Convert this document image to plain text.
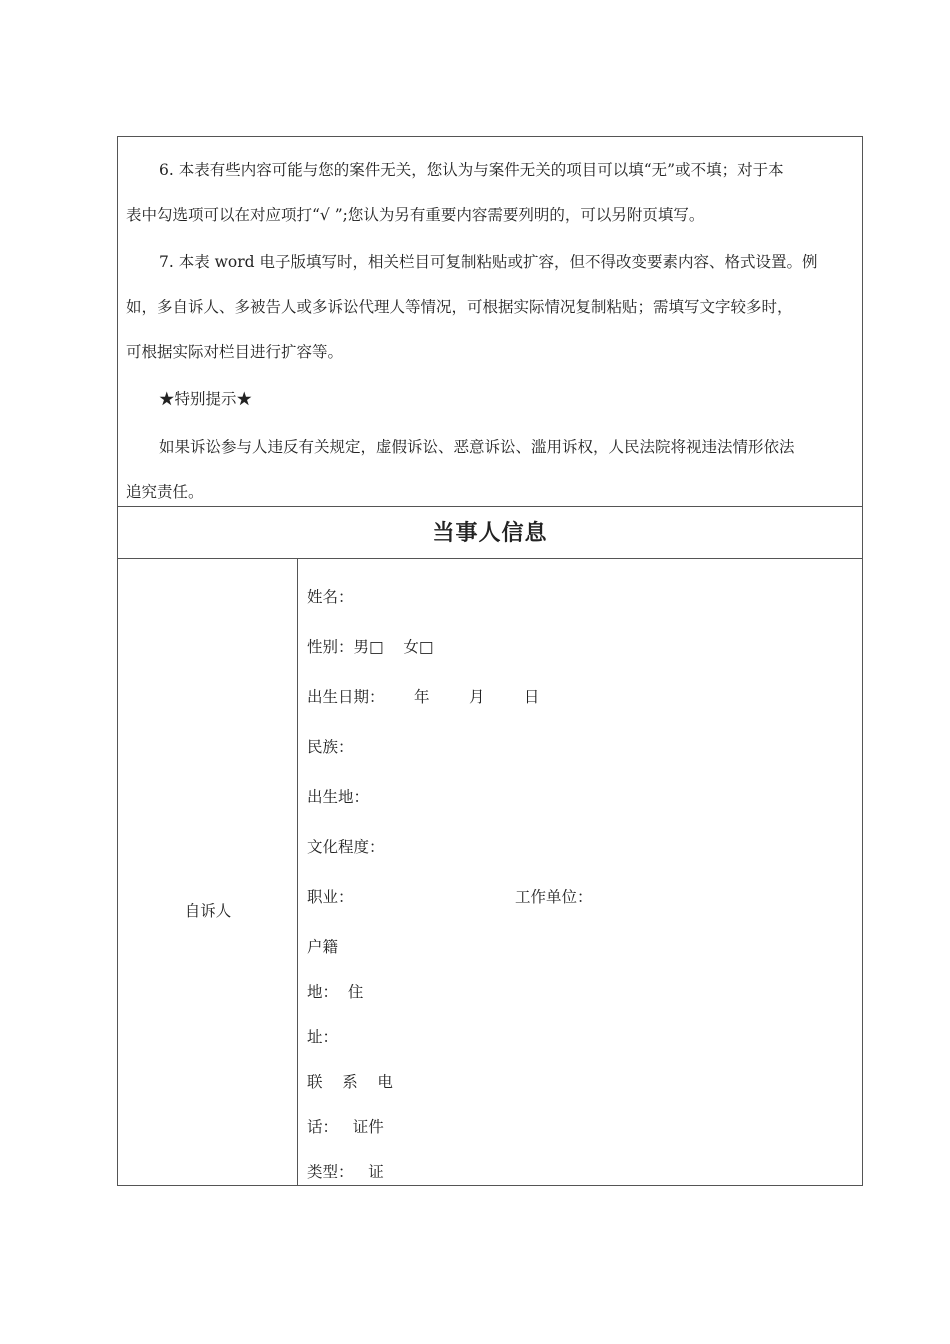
6. 本表有些内容可能与您的案件无关，您认为与案件无关的项目可以填“无”或不填；对于本

表中勾选项可以在对应项打“√ ”;您认为另有重要内容需要列明的，可以另附页填写。

7. 本表 word 电子版填写时，相关栏目可复制粘贴或扩容，但不得改变要素内容、格式设置。例

如，多自诉人、多被告人或多诉讼代理人等情况，可根据实际情况复制粘贴；需填写文字较多时，

可根据实际对栏目进行扩容等。

★特别提示★

如果诉讼参与人违反有关规定，虚假诉讼、恶意诉讼、滥用诉权，人民法院将视违法情形依法

追究责任。

当事人信息
自诉人
姓名：
性别：男□    女□
出生日期：      年        月        日
民族：
出生地：
文化程度：
职业：	工作单位：
户籍
地：  住
址：
联    系    电
话：   证件
类型：   证
